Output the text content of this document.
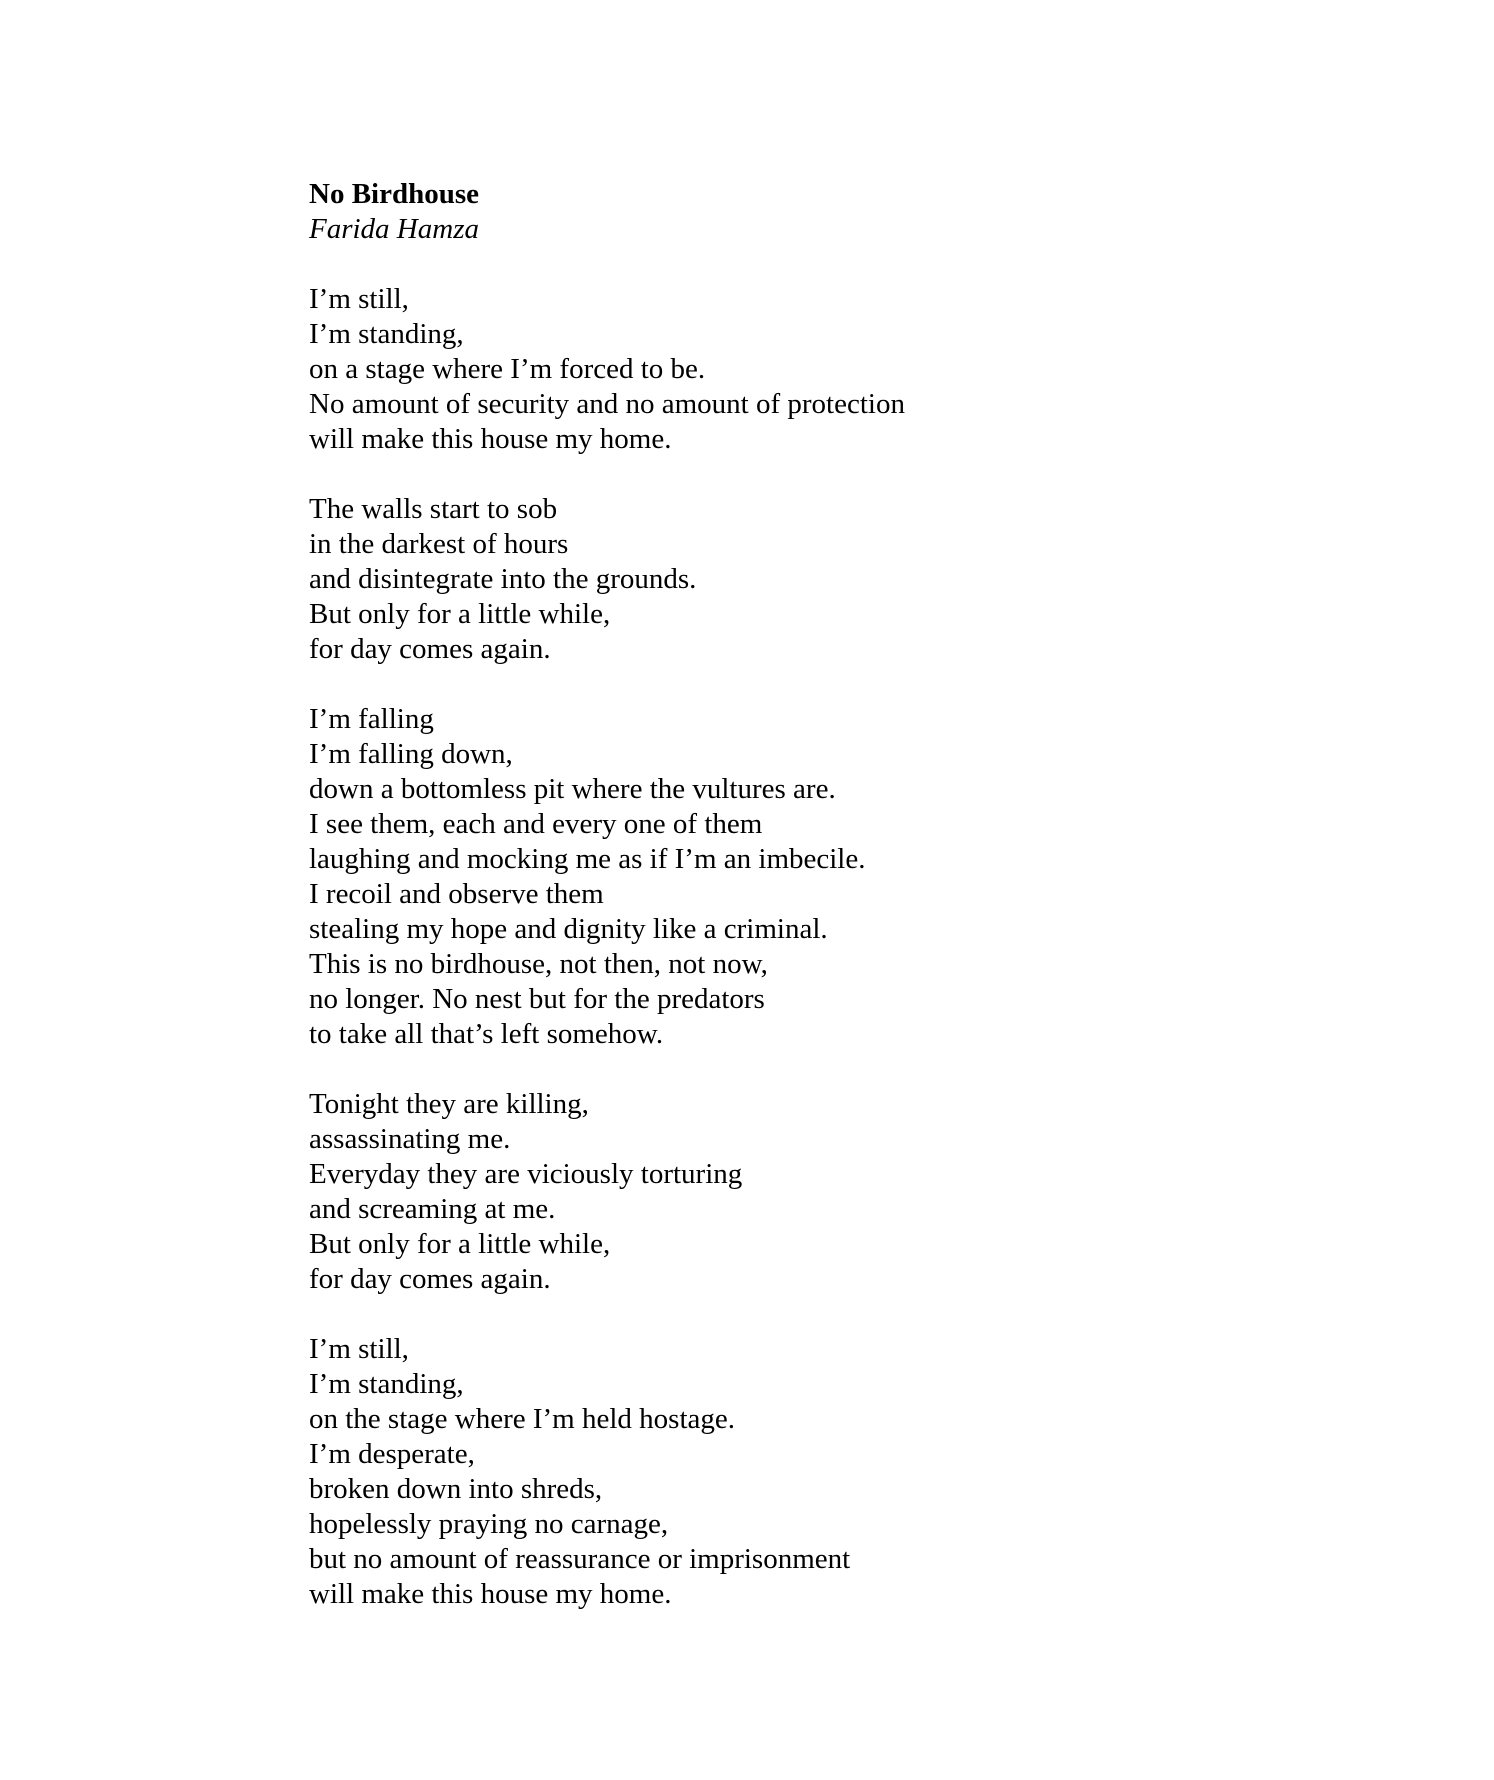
No Birdhouse
Farida Hamza
I’m still,
I’m standing,
on a stage where I’m forced to be.
No amount of security and no amount of protection
will make this house my home.
The walls start to sob
in the darkest of hours
and disintegrate into the grounds.
But only for a little while,
for day comes again.
I’m falling
I’m falling down,
down a bottomless pit where the vultures are.
I see them, each and every one of them
laughing and mocking me as if I’m an imbecile.
I recoil and observe them
stealing my hope and dignity like a criminal.
This is no birdhouse, not then, not now,
no longer. No nest but for the predators
to take all that’s left somehow.
Tonight they are killing,
assassinating me.
Everyday they are viciously torturing
and screaming at me.
But only for a little while,
for day comes again.
I’m still,
I’m standing,
on the stage where I’m held hostage.
I’m desperate,
broken down into shreds,
hopelessly praying no carnage,
but no amount of reassurance or imprisonment
will make this house my home.
